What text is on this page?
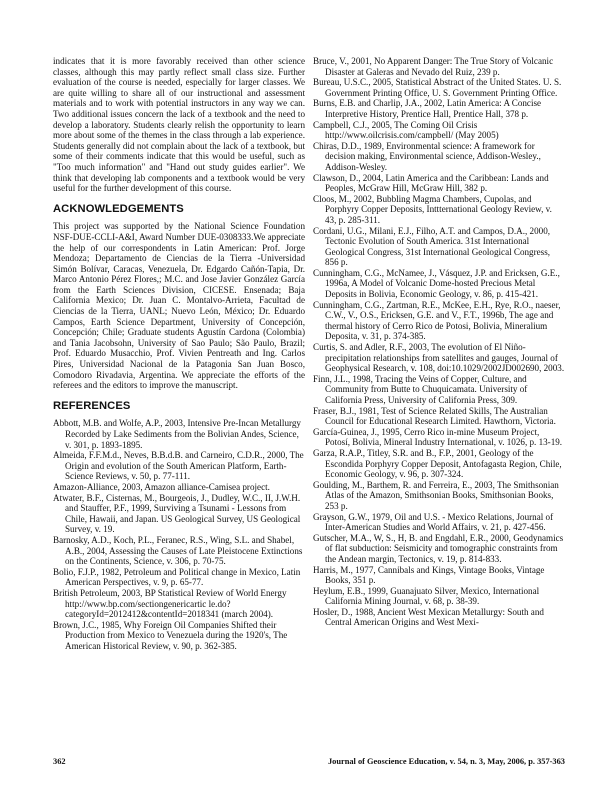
indicates that it is more favorably received than other science classes, although this may partly reflect small class size. Further evaluation of the course is needed, especially for larger classes. We are quite willing to share all of our instructional and assessment materials and to work with potential instructors in any way we can. Two additional issues concern the lack of a textbook and the need to develop a laboratory. Students clearly relish the opportunity to learn more about some of the themes in the class through a lab experience. Students generally did not complain about the lack of a textbook, but some of their comments indicate that this would be useful, such as "Too much information" and "Hand out study guides earlier". We think that developing lab components and a textbook would be very useful for the further development of this course.

ACKNOWLEDGEMENTS

This project was supported by the National Science Foundation NSF-DUE-CCLI-A&I, Award Number DUE-0308333.We appreciate the help of our correspondents in Latin American: Prof. Jorge Mendoza; Departamento de Ciencias de la Tierra -Universidad Simón Bolívar, Caracas, Venezuela, Dr. Edgardo Cañón-Tapia, Dr. Marco Antonio Pérez Flores,; M.C. and Jose Javier González García from the Earth Sciences Division, CICESE. Ensenada; Baja California Mexico; Dr. Juan C. Montalvo-Arrieta, Facultad de Ciencias de la Tierra, UANL; Nuevo León, México; Dr. Eduardo Campos, Earth Science Department, University of Concepción, Concepción; Chile; Graduate students Agustín Cardona (Colombia) and Tania Jacobsohn, University of Sao Paulo; São Paulo, Brazil; Prof. Eduardo Musacchio, Prof. Vivien Pentreath and Ing. Carlos Pires, Universidad Nacional de la Patagonia San Juan Bosco, Comodoro Rivadavia, Argentina. We appreciate the efforts of the referees and the editors to improve the manuscript.

REFERENCES

Abbott, M.B. and Wolfe, A.P., 2003, Intensive Pre-Incan Metallurgy Recorded by Lake Sediments from the Bolivian Andes, Science, v. 301, p. 1893-1895.

Almeida, F.F.M.d., Neves, B.B.d.B. and Carneiro, C.D.R., 2000, The Origin and evolution of the South American Platform, Earth-Science Reviews, v. 50, p. 77-111.

Amazon-Alliance, 2003, Amazon alliance-Camisea project.

Atwater, B.F., Cisternas, M., Bourgeois, J., Dudley, W.C., II, J.W.H. and Stauffer, P.F., 1999, Surviving a Tsunami - Lessons from Chile, Hawaii, and Japan. US Geological Survey, US Geological Survey, v. 19.

Barnosky, A.D., Koch, P.L., Feranec, R.S., Wing, S.L. and Shabel, A.B., 2004, Assessing the Causes of Late Pleistocene Extinctions on the Continents, Science, v. 306, p. 70-75.

Bolio, F.J.P., 1982, Petroleum and Political change in Mexico, Latin American Perspectives, v. 9, p. 65-77.

British Petroleum, 2003, BP Statistical Review of World Energy http://www.bp.com/sectiongenericartic le.do?categoryId=2012412&contentId=2018341 (march 2004).

Brown, J.C., 1985, Why Foreign Oil Companies Shifted their Production from Mexico to Venezuela during the 1920's, The American Historical Review, v. 90, p. 362-385.

Bruce, V., 2001, No Apparent Danger: The True Story of Volcanic Disaster at Galeras and Nevado del Ruiz, 239 p.

Bureau, U.S.C., 2005, Statistical Abstract of the United States. U. S. Government Printing Office, U. S. Government Printing Office.

Burns, E.B. and Charlip, J.A., 2002, Latin America: A Concise Interpretive History, Prentice Hall, Prentice Hall, 378 p.

Campbell, C.J., 2005, The Coming Oil Crisis http://www.oilcrisis.com/campbell/ (May 2005)

Chiras, D.D., 1989, Environmental science: A framework for decision making, Environmental science, Addison-Wesley., Addison-Wesley.

Clawson, D., 2004, Latin America and the Caribbean: Lands and Peoples, McGraw Hill, McGraw Hill, 382 p.

Cloos, M., 2002, Bubbling Magma Chambers, Cupolas, and Porphyry Copper Deposits, Inttternational Geology Review, v. 43, p. 285-311.

Cordani, U.G., Milani, E.J., Filho, A.T. and Campos, D.A., 2000, Tectonic Evolution of South America. 31st International Geological Congress, 31st International Geological Congress, 856 p.

Cunningham, C.G., McNamee, J., Vásquez, J.P. and Ericksen, G.E., 1996a, A Model of Volcanic Dome-hosted Precious Metal Deposits in Bolivia, Economic Geology, v. 86, p. 415-421.

Cunningham, C.G., Zartman, R.E., McKee, E.H., Rye, R.O., naeser, C.W., V., O.S., Ericksen, G.E. and V., F.T., 1996b, The age and thermal history of Cerro Rico de Potosi, Bolivia, Mineralium Deposita, v. 31, p. 374-385.

Curtis, S. and Adler, R.F., 2003, The evolution of El Niño-precipitation relationships from satellites and gauges, Journal of Geophysical Research, v. 108, doi:10.1029/2002JD002690, 2003.

Finn, J.L., 1998, Tracing the Veins of Copper, Culture, and Community from Butte to Chuquicamata. University of California Press, University of California Press, 309.

Fraser, B.J., 1981, Test of Science Related Skills, The Australian Council for Educational Research Limited. Hawthorn, Victoria.

García-Guinea, J., 1995, Cerro Rico in-mine Museum Project, Potosí, Bolivia, Mineral Industry International, v. 1026, p. 13-19.

Garza, R.A.P., Titley, S.R. and B., F.P., 2001, Geology of the Escondida Porphyry Copper Deposit, Antofagasta Region, Chile, Economic Geology, v. 96, p. 307-324.

Goulding, M., Barthem, R. and Ferreira, E., 2003, The Smithsonian Atlas of the Amazon, Smithsonian Books, Smithsonian Books, 253 p.

Grayson, G.W., 1979, Oil and U.S. - Mexico Relations, Journal of Inter-American Studies and World Affairs, v. 21, p. 427-456.

Gutscher, M.A., W, S., H, B. and Engdahl, E.R., 2000, Geodynamics of flat subduction: Seismicity and tomographic constraints from the Andean margin, Tectonics, v. 19, p. 814-833.

Harris, M., 1977, Cannibals and Kings, Vintage Books, Vintage Books, 351 p.

Heylum, E.B., 1999, Guanajuato Silver, Mexico, International California Mining Journal, v. 68, p. 38-39.

Hosler, D., 1988, Ancient West Mexican Metallurgy: South and Central American Origins and West Mexi-

362	Journal of Geoscience Education, v. 54, n. 3, May, 2006, p. 357-363
